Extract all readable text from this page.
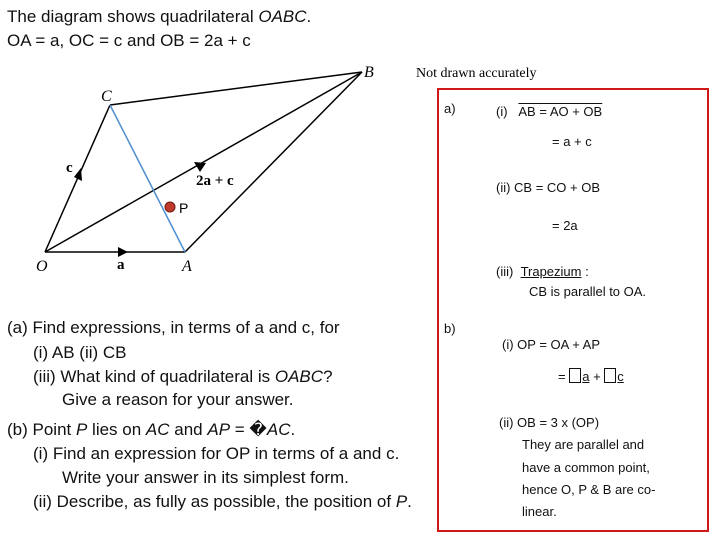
The diagram shows quadrilateral OABC.
OA = a, OC = c and OB = 2a + c
O	A
B
C
P
a
c
2a + c
Not drawn accurately
(a) Find expressions, in terms of a and c, for
(i) AB (ii) CB
(iii) What kind of quadrilateral is OABC?
Give a reason for your answer.
(b) Point P lies on AC and AP = �AC.
(i) Find an expression for OP in terms of a and c.
Write your answer in its simplest form.
(ii) Describe, as fully as possible, the position of P.
a)	(i) AB = AO + OB
= a + c
(ii) CB = CO + OB
= 2a
(iii) Trapezium :
CB is parallel to OA.
b)
(i) OP = OA + AP
= a + c
(ii) OB = 3 x (OP)
They are parallel and
have a common point,
hence O, P & B are co-
linear.
